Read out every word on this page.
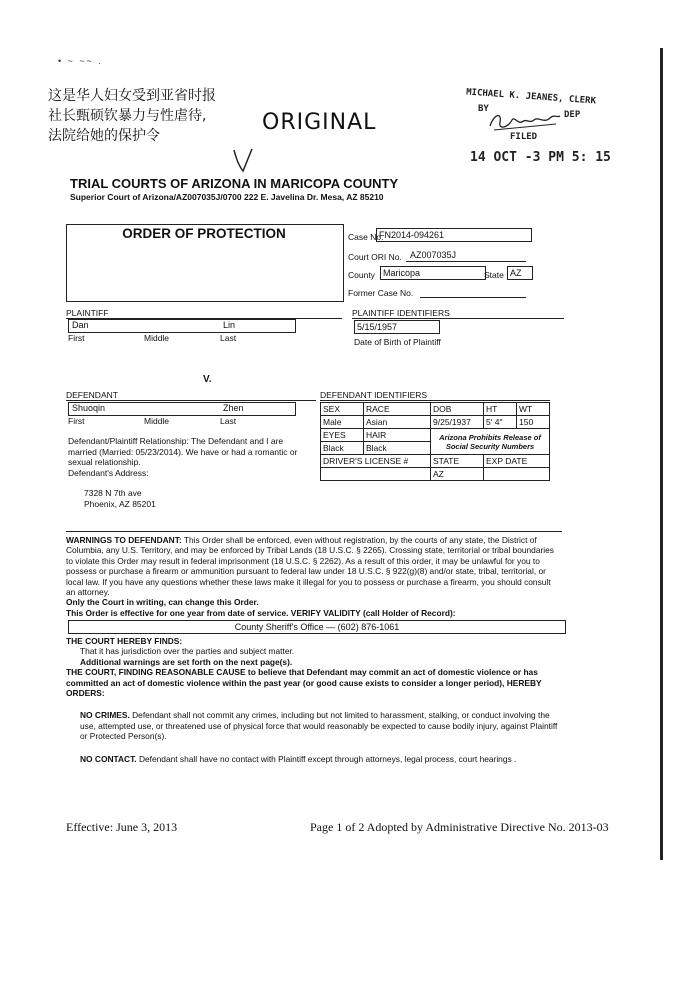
• ~ ~~ .
这是华人妇女受到亚省时报
社长甄硕钦暴力与性虐待,
法院给她的保护令
ORIGINAL
MICHAEL K. JEANES, CLERK
BY
DEP
FILED
14 OCT -3 PM 5: 15
TRIAL COURTS OF ARIZONA IN MARICOPA COUNTY
Superior Court of Arizona/AZ007035J/0700 222 E. Javelina Dr. Mesa, AZ 85210
ORDER OF PROTECTION	Case No.
FN2014-094261
Court ORI No. AZ007035J
County Maricopa	State AZ
Former Case No.
PLAINTIFF
Dan	Lin
First	Middle	Last
PLAINTIFF IDENTIFIERS
5/15/1957
Date of Birth of Plaintiff
V.
DEFENDANT
Shuoqin	Zhen
First	Middle	Last
Defendant/Plaintiff Relationship: The Defendant and I are married (Married: 05/23/2014). We have or had a romantic or sexual relationship.
Defendant's Address:
7328 N 7th ave
Phoenix, AZ 85201
DEFENDANT IDENTIFIERS
SEX	RACE	DOB	HT	WT
Male	Asian	9/25/1937	5' 4"	150
EYES	HAIR	Arizona Prohibits Release of Social Security Numbers		
Black	Black			
DRIVER'S LICENSE #		STATE	EXP DATE	
		AZ		
WARNINGS TO DEFENDANT: This Order shall be enforced, even without registration, by the courts of any state, the District of Columbia, any U.S. Territory, and may be enforced by Tribal Lands (18 U.S.C. § 2265). Crossing state, territorial or tribal boundaries to violate this Order may result in federal imprisonment (18 U.S.C. § 2262). As a result of this order, it may be unlawful for you to possess or purchase a firearm or ammunition pursuant to federal law under 18 U.S.C. § 922(g)(8) and/or state, tribal, territorial, or local law. If you have any questions whether these laws make it illegal for you to possess or purchase a firearm, you should consult an attorney.
Only the Court in writing, can change this Order.
This Order is effective for one year from date of service. VERIFY VALIDITY (call Holder of Record):
County Sheriff's Office — (602) 876-1061
THE COURT HEREBY FINDS:
That it has jurisdiction over the parties and subject matter.
Additional warnings are set forth on the next page(s).
THE COURT, FINDING REASONABLE CAUSE to believe that Defendant may commit an act of domestic violence or has committed an act of domestic violence within the past year (or good cause exists to consider a longer period), HEREBY ORDERS:
NO CRIMES. Defendant shall not commit any crimes, including but not limited to harassment, stalking, or conduct involving the use, attempted use, or threatened use of physical force that would reasonably be expected to cause bodily injury, against Plaintiff or Protected Person(s).
NO CONTACT. Defendant shall have no contact with Plaintiff except through attorneys, legal process, court hearings .
Effective: June 3, 2013	Page 1 of 2 Adopted by Administrative Directive No. 2013-03
